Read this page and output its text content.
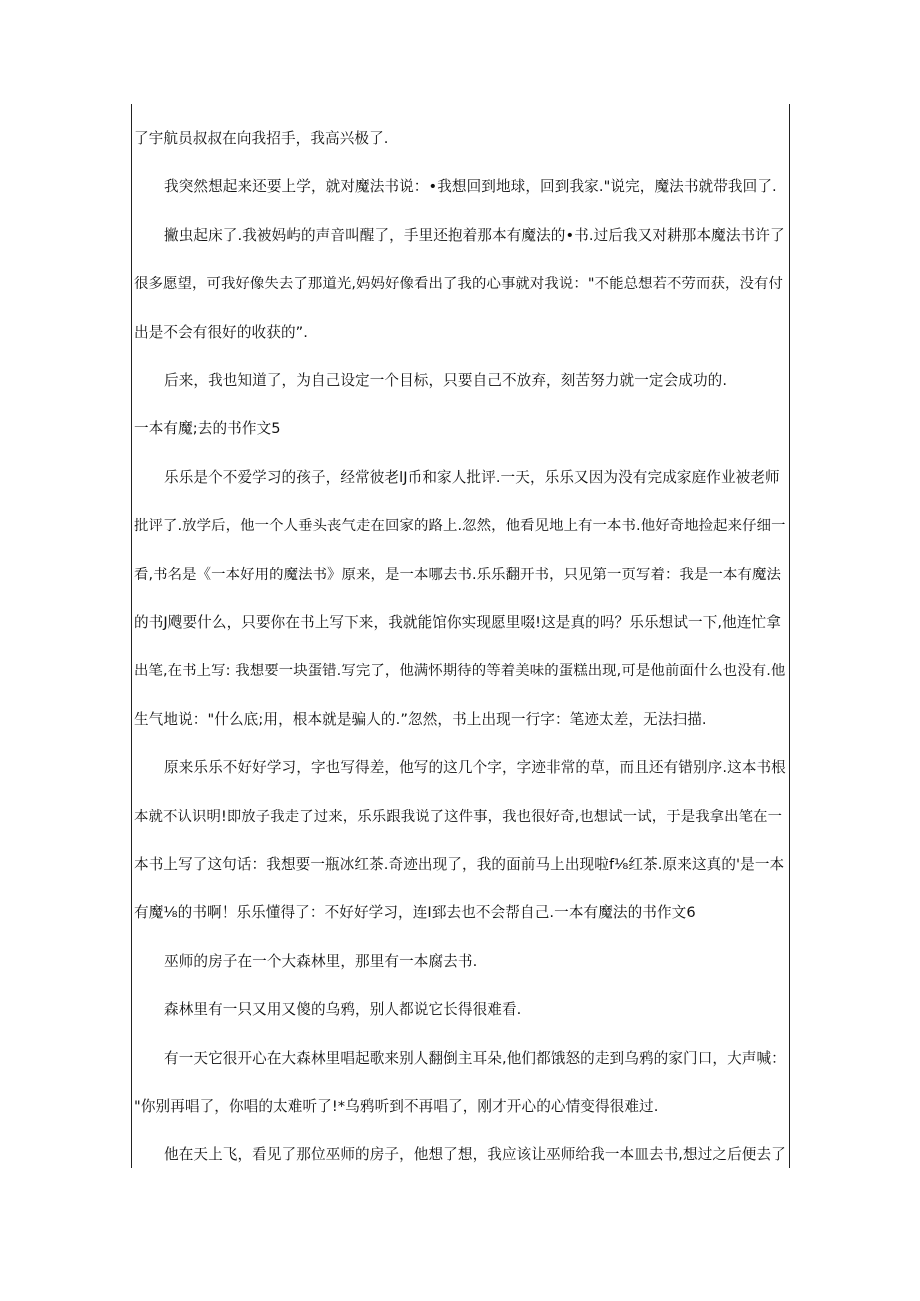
了宇航员叔叔在向我招手，我高兴极了.
我突然想起来还要上学，就对魔法书说：•我想回到地球，回到我家."说完，魔法书就带我回了.
撇虫起床了.我被妈屿的声音叫醒了，手里还抱着那本有魔法的•书.过后我又对耕那本魔法书许了
很多愿望，可我好像失去了那道光,妈妈好像看出了我的心事就对我说："不能总想若不劳而获，没有付
出是不会有很好的收获的”.
后来，我也知道了，为自己设定一个目标，只要自己不放弃，刻苦努力就一定会成功的.
一本有魔;去的书作文5
乐乐是个不爱学习的孩子，经常彼老lJ币和家人批评.一天，乐乐又因为没有完成家庭作业被老师
批评了.放学后，他一个人垂头丧气走在回家的路上.忽然，他看见地上有一本书.他好奇地捡起来仔细一
看,书名是《一本好用的魔法书》原来，是一本哪去书.乐乐翻开书，只见第一页写着：我是一本有魔法
的书J飕要什么，只要你在书上写下来，我就能馆你实现愿里啜!这是真的吗？乐乐想试一下,他连忙拿
出笔,在书上写: 我想要一块蛋错.写完了，他满怀期待的等着美味的蛋糕出现,可是他前面什么也没有.他
生气地说："什么底;用，根本就是骗人的.”忽然，书上出现一行字：笔迹太差，无法扫描.
原来乐乐不好好学习，字也写得差，他写的这几个字，字迹非常的草，而且还有错别序.这本书根
本就不认识明!即放子我走了过来，乐乐跟我说了这件事，我也很好奇,也想试一试，于是我拿出笔在一
本书上写了这句话：我想要一瓶冰红茶.奇迹出现了，我的面前马上出现啦f⅛红茶.原来这真的'是一本
有魔⅛的书啊！乐乐懂得了：不好好学习，连I郅去也不会帮自己.一本有魔法的书作文6
巫师的房子在一个大森林里，那里有一本腐去书.
森林里有一只又用又傻的乌鸦，别人都说它长得很难看.
有一天它很开心在大森林里唱起歌来别人翻倒主耳朵,他们都饿怒的走到乌鸦的家门口，大声喊：
"你别再唱了，你唱的太难听了!*乌鸦听到不再唱了，刚才开心的心情变得很难过.
他在天上飞，看见了那位巫师的房子，他想了想，我应该让巫师给我一本皿去书,想过之后便去了
